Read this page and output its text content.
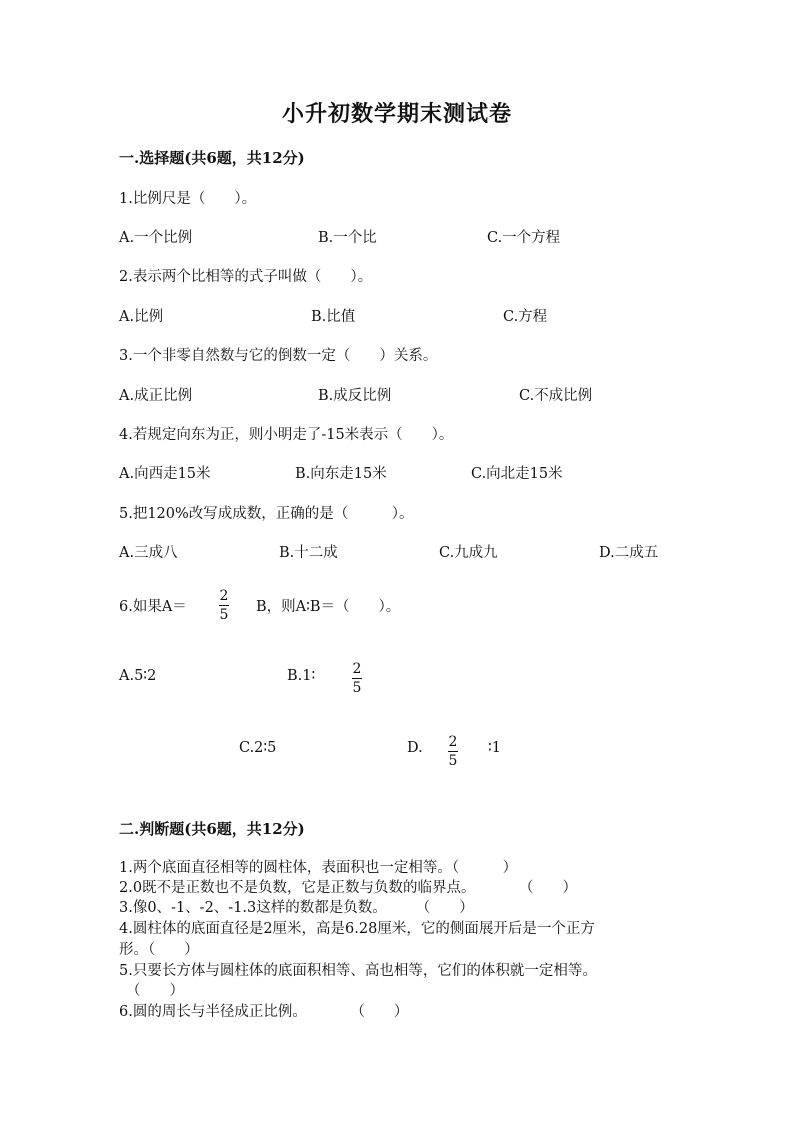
小升初数学期末测试卷
一.选择题(共6题，共12分)
1.比例尺是（　　）。
A.一个比例	B.一个比	C.一个方程
2.表示两个比相等的式子叫做（　　）。
A.比例	B.比值	C.方程
3.一个非零自然数与它的倒数一定（　　）关系。
A.成正比例	B.成反比例	C.不成比例
4.若规定向东为正，则小明走了-15米表示（　　）。
A.向西走15米	B.向东走15米	C.向北走15米
5.把120%改写成成数，正确的是（　　　）。
A.三成八	B.十二成	C.九成九	D.二成五
6.如果A＝
2
5 B，则A∶B＝（　　）。
A.5∶2	B.1∶	2
5
C.2∶5	D. 2
5
∶1
二.判断题(共6题，共12分)
1.两个底面直径相等的圆柱体，表面积也一定相等。（　　　）
2.0既不是正数也不是负数，它是正数与负数的临界点。　　　　（　　）
3.像0、-1、-2、-1.3这样的数都是负数。　　　（　　）
4.圆柱体的底面直径是2厘米，高是6.28厘米，它的侧面展开后是一个正方
形。（　　）
5.只要长方体与圆柱体的底面积相等、高也相等，它们的体积就一定相等。
（　　）
6.圆的周长与半径成正比例。　　　　（　　）
